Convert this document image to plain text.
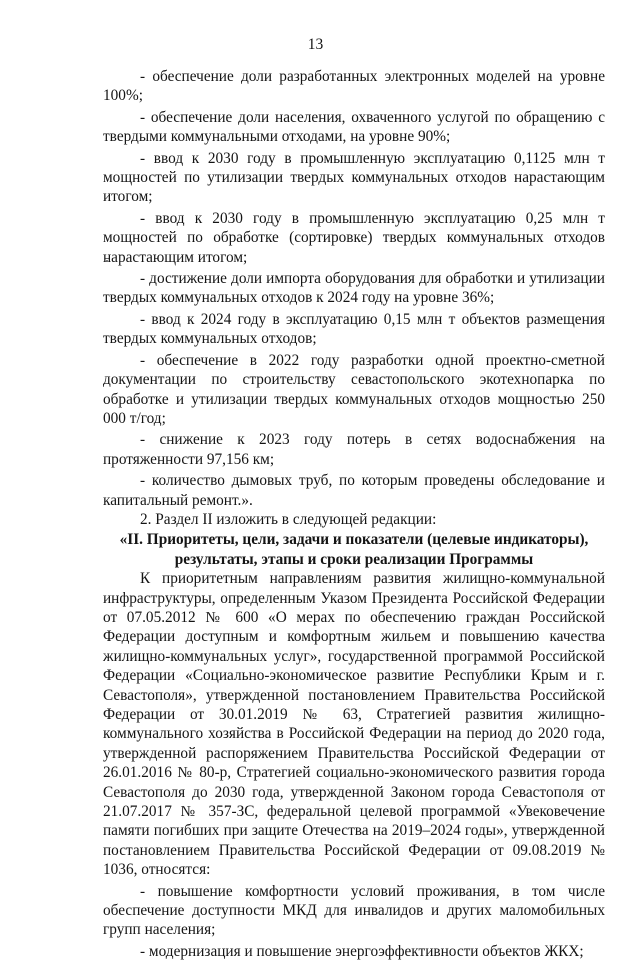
13

- обеспечение доли разработанных электронных моделей на уровне 100%;

- обеспечение доли населения, охваченного услугой по обращению с твердыми коммунальными отходами, на уровне 90%;

- ввод к 2030 году в промышленную эксплуатацию 0,1125 млн т мощностей по утилизации твердых коммунальных отходов нарастающим итогом;

- ввод к 2030 году в промышленную эксплуатацию 0,25 млн т мощностей по обработке (сортировке) твердых коммунальных отходов нарастающим итогом;

- достижение доли импорта оборудования для обработки и утилизации твердых коммунальных отходов к 2024 году на уровне 36%;

- ввод к 2024 году в эксплуатацию 0,15 млн т объектов размещения твердых коммунальных отходов;

- обеспечение в 2022 году разработки одной проектно-сметной документации по строительству севастопольского экотехнопарка по обработке и утилизации твердых коммунальных отходов мощностью 250 000 т/год;

- снижение к 2023 году потерь в сетях водоснабжения на протяженности 97,156 км;

- количество дымовых труб, по которым проведены обследование и капитальный ремонт.».

2. Раздел II изложить в следующей редакции:

«II. Приоритеты, цели, задачи и показатели (целевые индикаторы), результаты, этапы и сроки реализации Программы

К приоритетным направлениям развития жилищно-коммунальной инфраструктуры, определенным Указом Президента Российской Федерации от 07.05.2012 № 600 «О мерах по обеспечению граждан Российской Федерации доступным и комфортным жильем и повышению качества жилищно-коммунальных услуг», государственной программой Российской Федерации «Социально-экономическое развитие Республики Крым и г. Севастополя», утвержденной постановлением Правительства Российской Федерации от 30.01.2019 № 63, Стратегией развития жилищно-коммунального хозяйства в Российской Федерации на период до 2020 года, утвержденной распоряжением Правительства Российской Федерации от 26.01.2016 № 80-р, Стратегией социально-экономического развития города Севастополя до 2030 года, утвержденной Законом города Севастополя от 21.07.2017 № 357-ЗС, федеральной целевой программой «Увековечение памяти погибших при защите Отечества на 2019–2024 годы», утвержденной постановлением Правительства Российской Федерации от 09.08.2019 № 1036, относятся:

- повышение комфортности условий проживания, в том числе обеспечение доступности МКД для инвалидов и других маломобильных групп населения;

- модернизация и повышение энергоэффективности объектов ЖКХ;
